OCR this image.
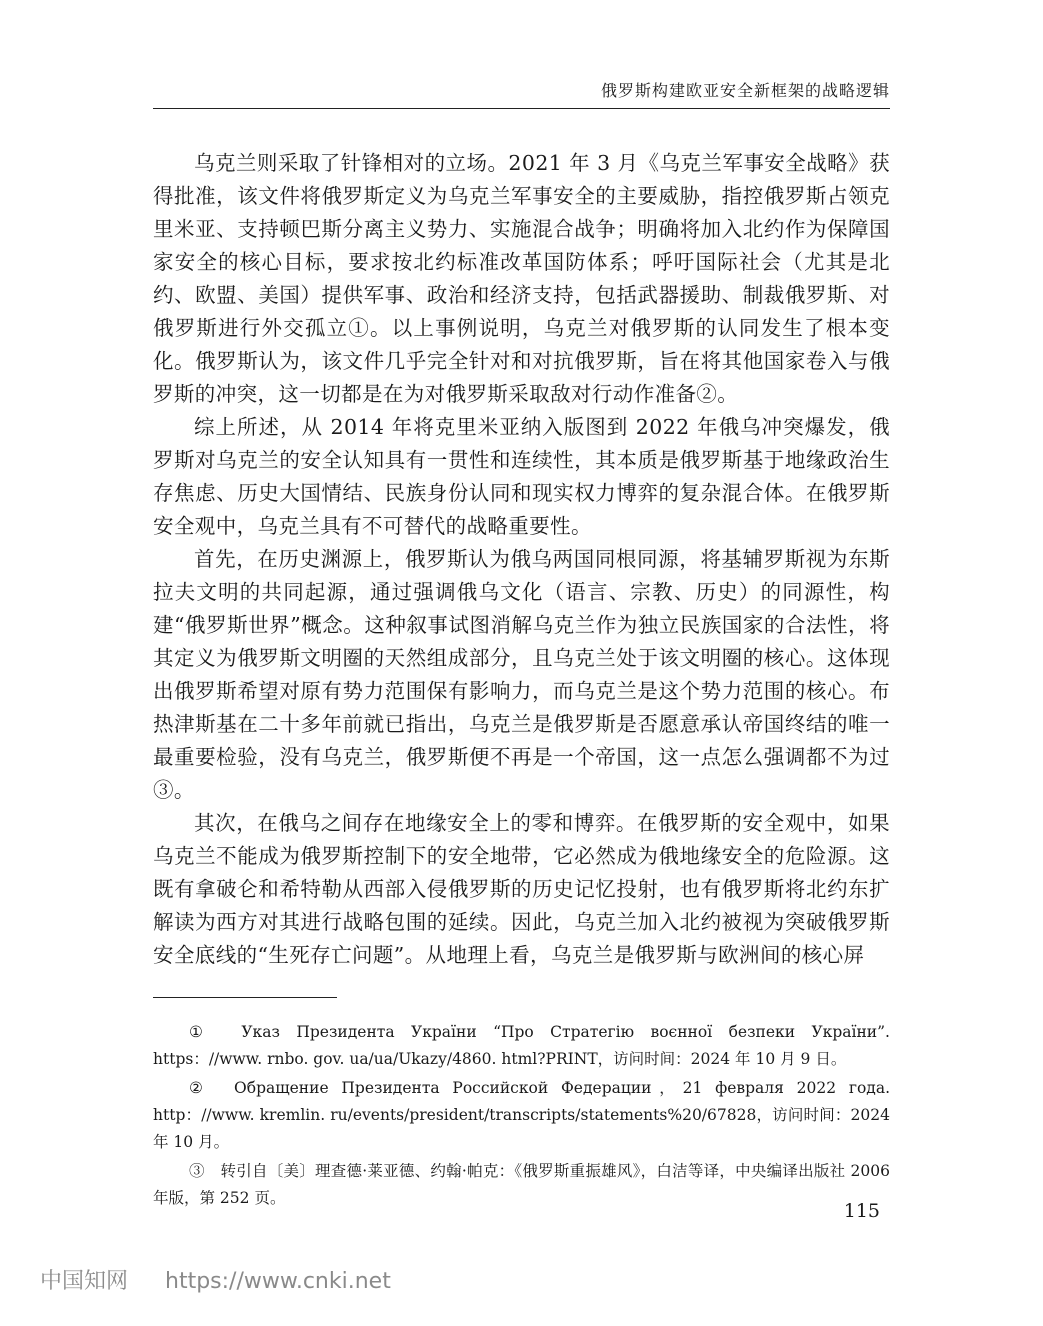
俄罗斯构建欧亚安全新框架的战略逻辑

乌克兰则采取了针锋相对的立场。2021 年 3 月《乌克兰军事安全战略》获得批准，该文件将俄罗斯定义为乌克兰军事安全的主要威胁，指控俄罗斯占领克里米亚、支持顿巴斯分离主义势力、实施混合战争；明确将加入北约作为保障国家安全的核心目标，要求按北约标准改革国防体系；呼吁国际社会（尤其是北约、欧盟、美国）提供军事、政治和经济支持，包括武器援助、制裁俄罗斯、对俄罗斯进行外交孤立①。以上事例说明，乌克兰对俄罗斯的认同发生了根本变化。俄罗斯认为，该文件几乎完全针对和对抗俄罗斯，旨在将其他国家卷入与俄罗斯的冲突，这一切都是在为对俄罗斯采取敌对行动作准备②。

综上所述，从 2014 年将克里米亚纳入版图到 2022 年俄乌冲突爆发，俄罗斯对乌克兰的安全认知具有一贯性和连续性，其本质是俄罗斯基于地缘政治生存焦虑、历史大国情结、民族身份认同和现实权力博弈的复杂混合体。在俄罗斯安全观中，乌克兰具有不可替代的战略重要性。

首先，在历史渊源上，俄罗斯认为俄乌两国同根同源，将基辅罗斯视为东斯拉夫文明的共同起源，通过强调俄乌文化（语言、宗教、历史）的同源性，构建“俄罗斯世界”概念。这种叙事试图消解乌克兰作为独立民族国家的合法性，将其定义为俄罗斯文明圈的天然组成部分，且乌克兰处于该文明圈的核心。这体现出俄罗斯希望对原有势力范围保有影响力，而乌克兰是这个势力范围的核心。布热津斯基在二十多年前就已指出，乌克兰是俄罗斯是否愿意承认帝国终结的唯一最重要检验，没有乌克兰，俄罗斯便不再是一个帝国，这一点怎么强调都不为过③。

其次，在俄乌之间存在地缘安全上的零和博弈。在俄罗斯的安全观中，如果乌克兰不能成为俄罗斯控制下的安全地带，它必然成为俄地缘安全的危险源。这既有拿破仑和希特勒从西部入侵俄罗斯的历史记忆投射，也有俄罗斯将北约东扩解读为西方对其进行战略包围的延续。因此，乌克兰加入北约被视为突破俄罗斯安全底线的“生死存亡问题”。从地理上看，乌克兰是俄罗斯与欧洲间的核心屏

①　Указ Президента України “Про Стратегію воєнної безпеки України”. https：//www. rnbo. gov. ua/ua/Ukazy/4860. html?PRINT，访问时间：2024 年 10 月 9 日。

②　Обращение Президента Российской Федерации，21 февраля 2022 года. http：//www. kremlin. ru/events/president/transcripts/statements%20/67828，访问时间：2024 年 10 月。

③　转引自〔美〕理查德·莱亚德、约翰·帕克：《俄罗斯重振雄风》，白洁等译，中央编译出版社 2006 年版，第 252 页。

115
中国知网 https://www.cnki.net
